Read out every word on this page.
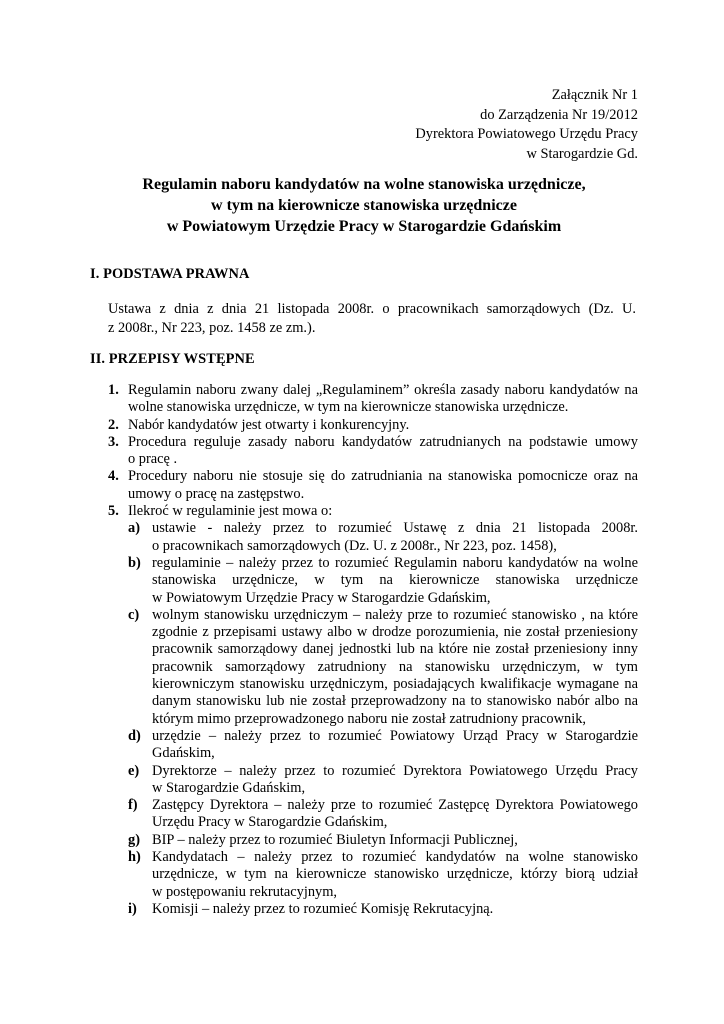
Załącznik Nr 1
do Zarządzenia Nr 19/2012
Dyrektora Powiatowego Urzędu Pracy
w Starogardzie Gd.
Regulamin naboru kandydatów na wolne stanowiska urzędnicze,
w tym na kierownicze stanowiska urzędnicze
w Powiatowym Urzędzie Pracy w Starogardzie Gdańskim
I. PODSTAWA PRAWNA
Ustawa z dnia z dnia 21 listopada 2008r. o pracownikach samorządowych (Dz. U.
z 2008r., Nr 223, poz. 1458 ze zm.).
II. PRZEPISY WSTĘPNE
1. Regulamin naboru zwany dalej „Regulaminem” określa zasady naboru kandydatów na
wolne stanowiska urzędnicze, w tym na kierownicze stanowiska urzędnicze.
2. Nabór kandydatów jest otwarty i konkurencyjny.
3. Procedura reguluje zasady naboru kandydatów zatrudnianych na podstawie umowy
o pracę .
4. Procedury naboru nie stosuje się do zatrudniania na stanowiska pomocnicze oraz na
umowy o pracę na zastępstwo.
5. Ilekroć w regulaminie jest mowa o:
a) ustawie - należy przez to rozumieć Ustawę z dnia 21 listopada 2008r.
o pracownikach samorządowych (Dz. U. z 2008r., Nr 223, poz. 1458),
b) regulaminie – należy przez to rozumieć Regulamin naboru kandydatów na wolne
stanowiska urzędnicze, w tym na kierownicze stanowiska urzędnicze
w Powiatowym Urzędzie Pracy w Starogardzie Gdańskim,
c) wolnym stanowisku urzędniczym – należy prze to rozumieć stanowisko , na które
zgodnie z przepisami ustawy albo w drodze porozumienia, nie został przeniesiony
pracownik samorządowy danej jednostki lub na które nie został przeniesiony inny
pracownik samorządowy zatrudniony na stanowisku urzędniczym, w tym
kierowniczym stanowisku urzędniczym, posiadających kwalifikacje wymagane na
danym stanowisku lub nie został przeprowadzony na to stanowisko nabór albo na
którym mimo przeprowadzonego naboru nie został zatrudniony pracownik,
d) urzędzie – należy przez to rozumieć Powiatowy Urząd Pracy w Starogardzie
Gdańskim,
e) Dyrektorze – należy przez to rozumieć Dyrektora Powiatowego Urzędu Pracy
w Starogardzie Gdańskim,
f) Zastępcy Dyrektora – należy prze to rozumieć Zastępcę Dyrektora Powiatowego
Urzędu Pracy w Starogardzie Gdańskim,
g) BIP – należy przez to rozumieć Biuletyn Informacji Publicznej,
h) Kandydatach – należy przez to rozumieć kandydatów na wolne stanowisko
urzędnicze, w tym na kierownicze stanowisko urzędnicze, którzy biorą udział
w postępowaniu rekrutacyjnym,
i) Komisji – należy przez to rozumieć Komisję Rekrutacyjną.
